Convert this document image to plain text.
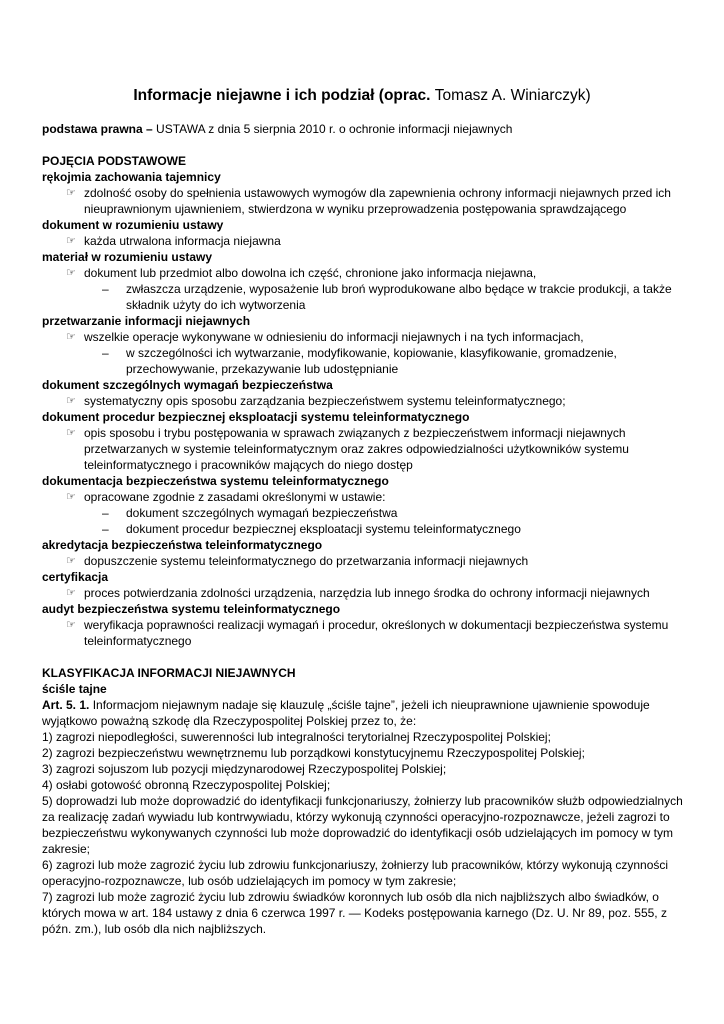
Informacje niejawne i ich podział (oprac. Tomasz A. Winiarczyk)
podstawa prawna – USTAWA z dnia 5 sierpnia 2010 r. o ochronie informacji niejawnych
POJĘCIA PODSTAWOWE
rękojmia zachowania tajemnicy
☞ zdolność osoby do spełnienia ustawowych wymogów dla zapewnienia ochrony informacji niejawnych przed ich nieuprawnionym ujawnieniem, stwierdzona w wyniku przeprowadzenia postępowania sprawdzającego
dokument w rozumieniu ustawy
☞ każda utrwalona informacja niejawna
materiał w rozumieniu ustawy
☞ dokument lub przedmiot albo dowolna ich część, chronione jako informacja niejawna,
– zwłaszcza urządzenie, wyposażenie lub broń wyprodukowane albo będące w trakcie produkcji, a także składnik użyty do ich wytworzenia
przetwarzanie informacji niejawnych
☞ wszelkie operacje wykonywane w odniesieniu do informacji niejawnych i na tych informacjach,
– w szczególności ich wytwarzanie, modyfikowanie, kopiowanie, klasyfikowanie, gromadzenie, przechowywanie, przekazywanie lub udostępnianie
dokument szczególnych wymagań bezpieczeństwa
☞ systematyczny opis sposobu zarządzania bezpieczeństwem systemu teleinformatycznego;
dokument procedur bezpiecznej eksploatacji systemu teleinformatycznego
☞ opis sposobu i trybu postępowania w sprawach związanych z bezpieczeństwem informacji niejawnych przetwarzanych w systemie teleinformatycznym oraz zakres odpowiedzialności użytkowników systemu teleinformatycznego i pracowników mających do niego dostęp
dokumentacja bezpieczeństwa systemu teleinformatycznego
☞ opracowane zgodnie z zasadami określonymi w ustawie:
– dokument szczególnych wymagań bezpieczeństwa
– dokument procedur bezpiecznej eksploatacji systemu teleinformatycznego
akredytacja bezpieczeństwa teleinformatycznego
☞ dopuszczenie systemu teleinformatycznego do przetwarzania informacji niejawnych
certyfikacja
☞ proces potwierdzania zdolności urządzenia, narzędzia lub innego środka do ochrony informacji niejawnych
audyt bezpieczeństwa systemu teleinformatycznego
☞ weryfikacja poprawności realizacji wymagań i procedur, określonych w dokumentacji bezpieczeństwa systemu teleinformatycznego
KLASYFIKACJA INFORMACJI NIEJAWNYCH
ściśle tajne
Art. 5. 1. Informacjom niejawnym nadaje się klauzulę „ściśle tajne”, jeżeli ich nieuprawnione ujawnienie spowoduje wyjątkowo poważną szkodę dla Rzeczypospolitej Polskiej przez to, że:
1) zagrozi niepodległości, suwerenności lub integralności terytorialnej Rzeczypospolitej Polskiej;
2) zagrozi bezpieczeństwu wewnętrznemu lub porządkowi konstytucyjnemu Rzeczypospolitej Polskiej;
3) zagrozi sojuszom lub pozycji międzynarodowej Rzeczypospolitej Polskiej;
4) osłabi gotowość obronną Rzeczypospolitej Polskiej;
5) doprowadzi lub może doprowadzić do identyfikacji funkcjonariuszy, żołnierzy lub pracowników służb odpowiedzialnych za realizację zadań wywiadu lub kontrwywiadu, którzy wykonują czynności operacyjno-rozpoznawcze, jeżeli zagrozi to bezpieczeństwu wykonywanych czynności lub może doprowadzić do identyfikacji osób udzielających im pomocy w tym zakresie;
6) zagrozi lub może zagrozić życiu lub zdrowiu funkcjonariuszy, żołnierzy lub pracowników, którzy wykonują czynności operacyjno-rozpoznawcze, lub osób udzielających im pomocy w tym zakresie;
7) zagrozi lub może zagrozić życiu lub zdrowiu świadków koronnych lub osób dla nich najbliższych albo świadków, o których mowa w art. 184 ustawy z dnia 6 czerwca 1997 r. — Kodeks postępowania karnego (Dz. U. Nr 89, poz. 555, z późn. zm.), lub osób dla nich najbliższych.
